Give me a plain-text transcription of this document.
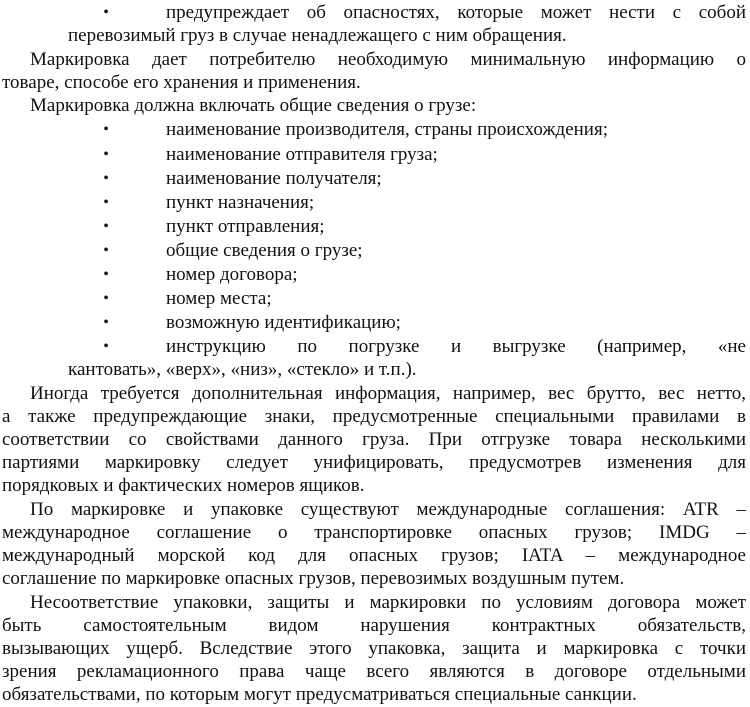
•	предупреждает об опасностях, которые может нести с собой
перевозимый груз в случае ненадлежащего с ним обращения.
Маркировка дает потребителю необходимую минимальную информацию о
товаре, способе его хранения и применения.
Маркировка должна включать общие сведения о грузе:
•	наименование производителя, страны происхождения;
•	наименование отправителя груза;
•	наименование получателя;
•	пункт назначения;
•	пункт отправления;
•	общие сведения о грузе;
•	номер договора;
•	номер места;
•	возможную идентификацию;
•	инструкцию по погрузке и выгрузке (например, «не
кантовать», «верх», «низ», «стекло» и т.п.).
Иногда требуется дополнительная информация, например, вес брутто, вес нетто,
а также предупреждающие знаки, предусмотренные специальными правилами в
соответствии со свойствами данного груза. При отгрузке товара несколькими
партиями маркировку следует унифицировать, предусмотрев изменения для
порядковых и фактических номеров ящиков.
По маркировке и упаковке существуют международные соглашения: ATR –
международное соглашение о транспортировке опасных грузов; IMDG –
международный морской код для опасных грузов; IATA – международное
соглашение по маркировке опасных грузов, перевозимых воздушным путем.
Несоответствие упаковки, защиты и маркировки по условиям договора может
быть самостоятельным видом нарушения контрактных обязательств,
вызывающих ущерб. Вследствие этого упаковка, защита и маркировка с точки
зрения рекламационного права чаще всего являются в договоре отдельными
обязательствами, по которым могут предусматриваться специальные санкции.
